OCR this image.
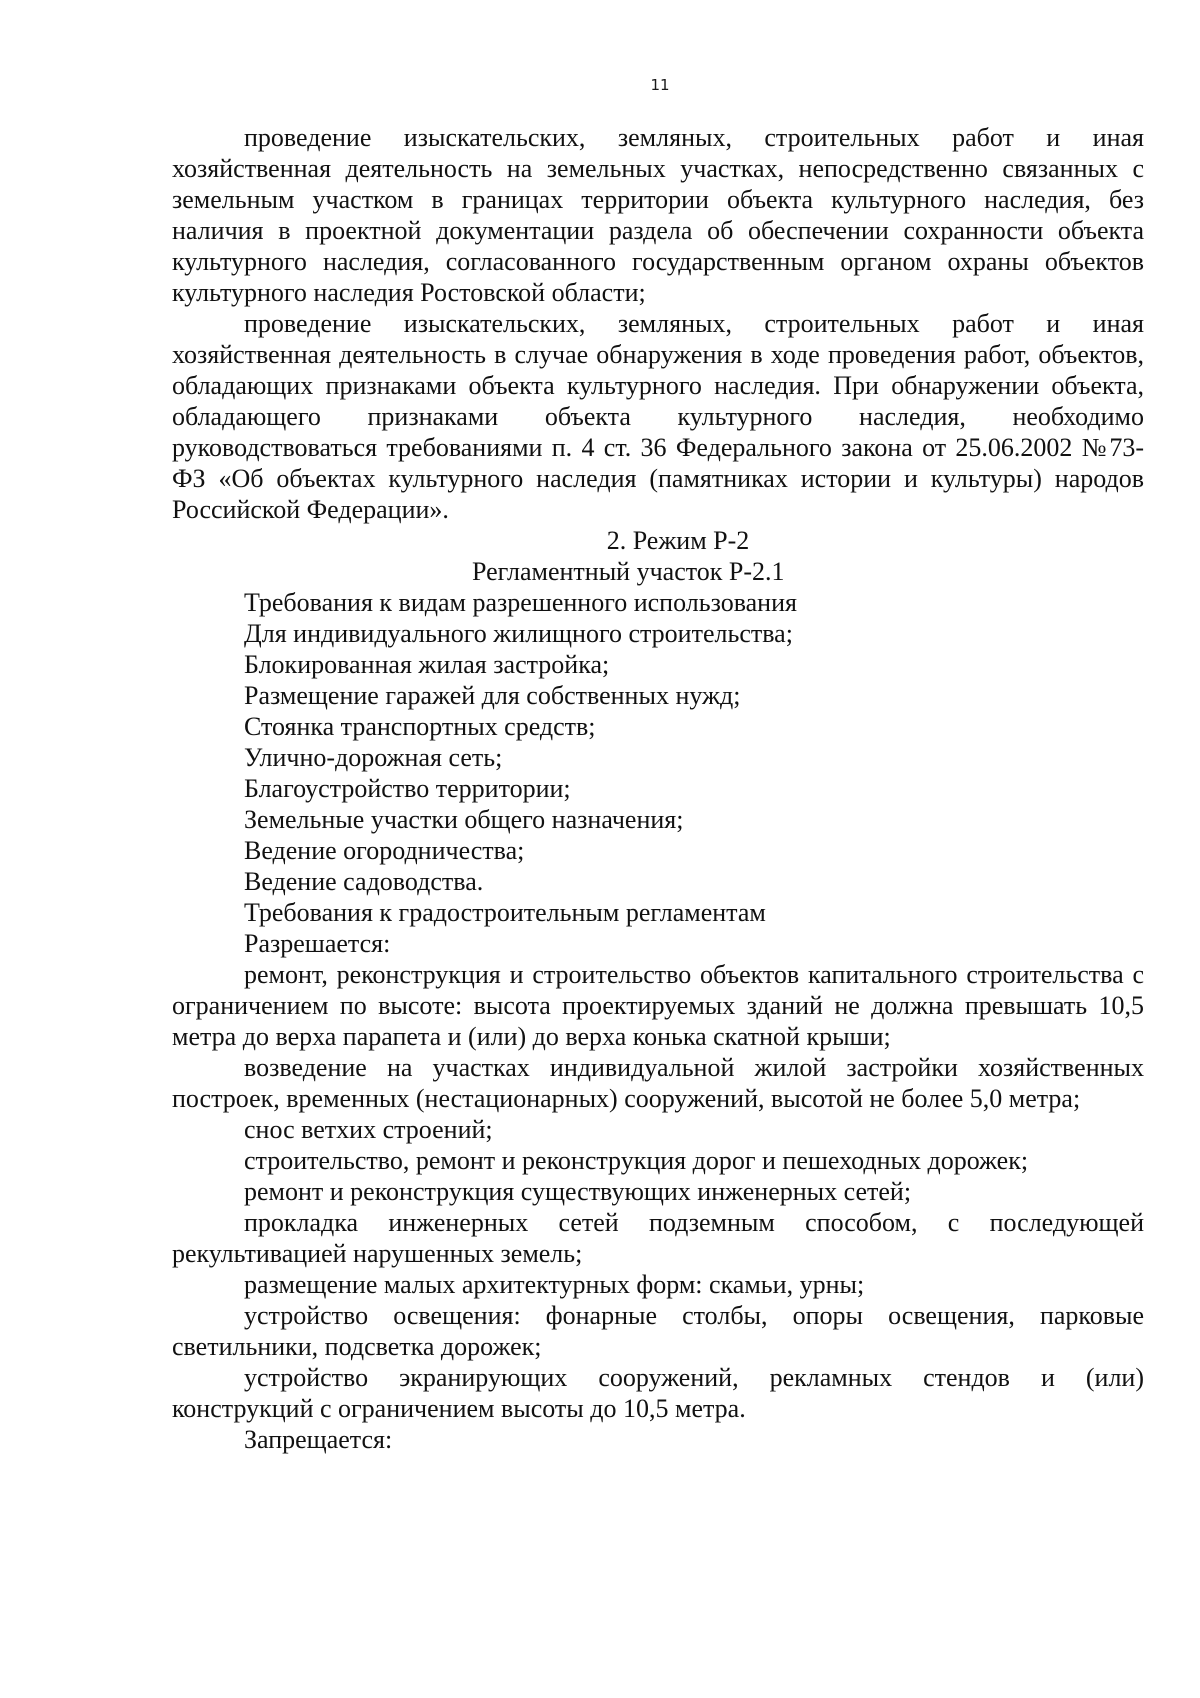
11

проведение изыскательских, земляных, строительных работ и иная хозяйственная деятельность на земельных участках, непосредственно связанных с земельным участком в границах территории объекта культурного наследия, без наличия в проектной документации раздела об обеспечении сохранности объекта культурного наследия, согласованного государственным органом охраны объектов культурного наследия Ростовской области;

проведение изыскательских, земляных, строительных работ и иная хозяйственная деятельность в случае обнаружения в ходе проведения работ, объектов, обладающих признаками объекта культурного наследия. При обнаружении объекта, обладающего признаками объекта культурного наследия, необходимо руководствоваться требованиями п. 4 ст. 36 Федерального закона от 25.06.2002 №73-ФЗ «Об объектах культурного наследия (памятниках истории и культуры) народов Российской Федерации».

2. Режим Р-2

Регламентный участок Р-2.1

Требования к видам разрешенного использования

Для индивидуального жилищного строительства;

Блокированная жилая застройка;

Размещение гаражей для собственных нужд;

Стоянка транспортных средств;

Улично-дорожная сеть;

Благоустройство территории;

Земельные участки общего назначения;

Ведение огородничества;

Ведение садоводства.

Требования к градостроительным регламентам

Разрешается:

ремонт, реконструкция и строительство объектов капитального строительства с ограничением по высоте: высота проектируемых зданий не должна превышать 10,5 метра до верха парапета и (или) до верха конька скатной крыши;

возведение на участках индивидуальной жилой застройки хозяйственных построек, временных (нестационарных) сооружений, высотой не более 5,0 метра;

снос ветхих строений;

строительство, ремонт и реконструкция дорог и пешеходных дорожек;

ремонт и реконструкция существующих инженерных сетей;

прокладка инженерных сетей подземным способом, с последующей рекультивацией нарушенных земель;

размещение малых архитектурных форм: скамьи, урны;

устройство освещения: фонарные столбы, опоры освещения, парковые светильники, подсветка дорожек;

устройство экранирующих сооружений, рекламных стендов и (или) конструкций с ограничением высоты до 10,5 метра.

Запрещается:
